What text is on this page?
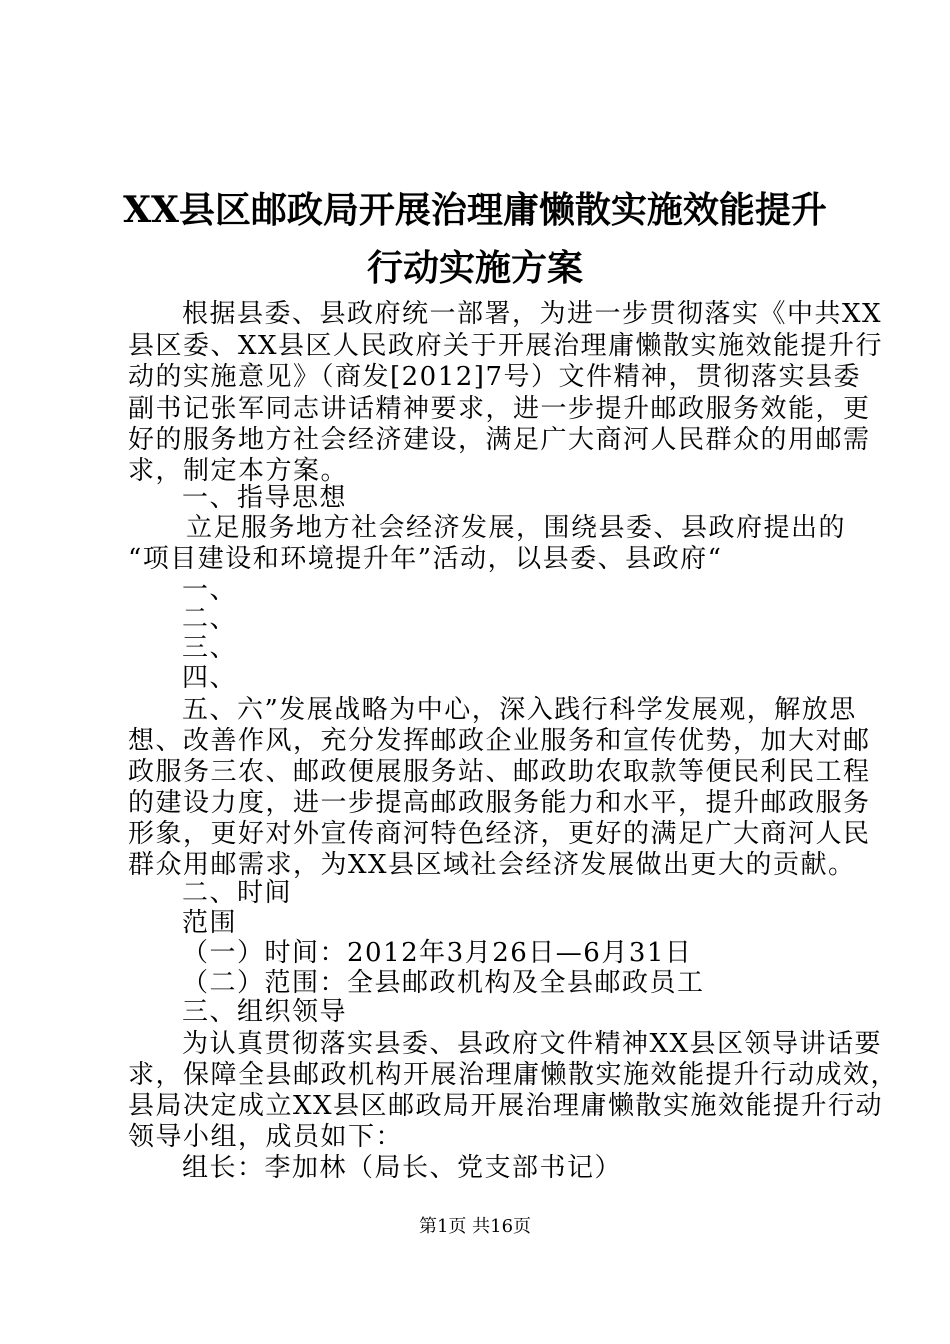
XX县区邮政局开展治理庸懒散实施效能提升
行动实施方案
根据县委、县政府统一部署，为进一步贯彻落实《中共XX
县区委、XX县区人民政府关于开展治理庸懒散实施效能提升行
动的实施意见》（商发[2012]7号）文件精神，贯彻落实县委
副书记张军同志讲话精神要求，进一步提升邮政服务效能，更
好的服务地方社会经济建设，满足广大商河人民群众的用邮需
求，制定本方案。
一、指导思想
立足服务地方社会经济发展，围绕县委、县政府提出的
“项目建设和环境提升年”活动，以县委、县政府“
一、
二、
三、
四、
五、六”发展战略为中心，深入践行科学发展观，解放思
想、改善作风，充分发挥邮政企业服务和宣传优势，加大对邮
政服务三农、邮政便展服务站、邮政助农取款等便民利民工程
的建设力度，进一步提高邮政服务能力和水平，提升邮政服务
形象，更好对外宣传商河特色经济，更好的满足广大商河人民
群众用邮需求，为XX县区域社会经济发展做出更大的贡献。
二、时间
范围
（一）时间：2012年3月26日—6月31日
（二）范围：全县邮政机构及全县邮政员工
三、组织领导
为认真贯彻落实县委、县政府文件精神XX县区领导讲话要
求，保障全县邮政机构开展治理庸懒散实施效能提升行动成效，
县局决定成立XX县区邮政局开展治理庸懒散实施效能提升行动
领导小组，成员如下：
组长：李加林（局长、党支部书记）
第1页 共16页
